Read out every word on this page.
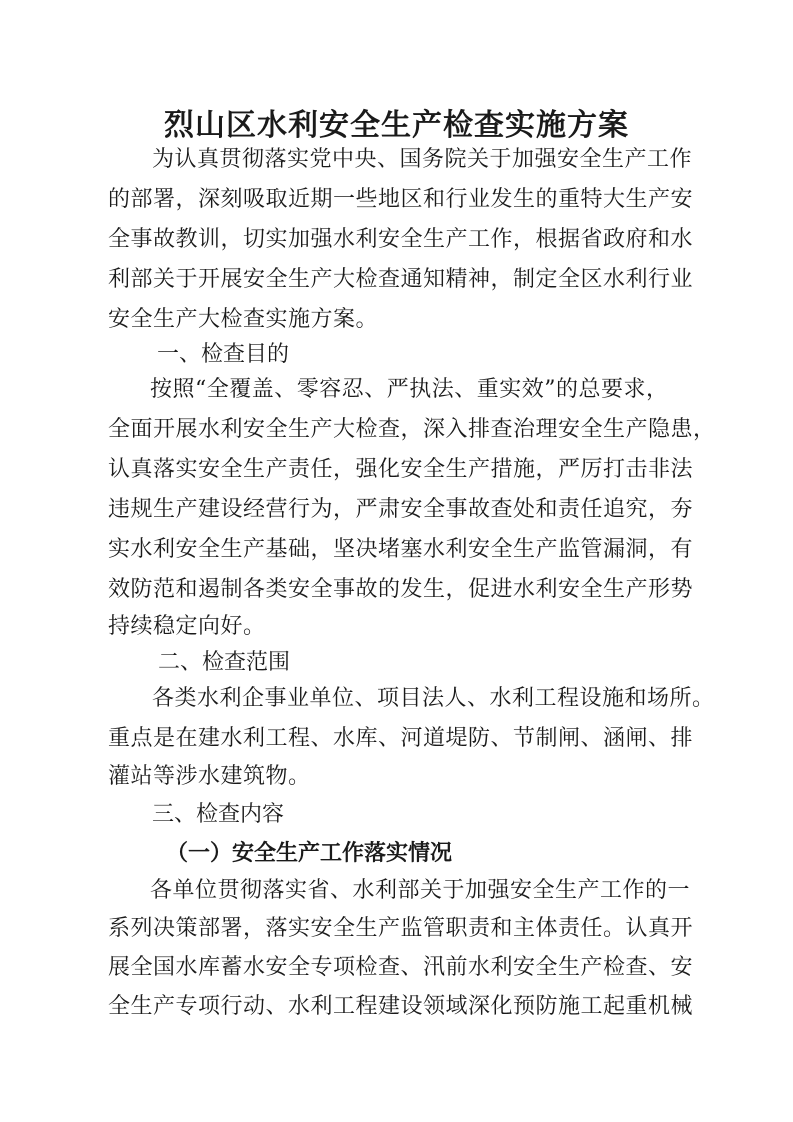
烈山区水利安全生产检查实施方案
为认真贯彻落实党中央、国务院关于加强安全生产工作
的部署，深刻吸取近期一些地区和行业发生的重特大生产安
全事故教训，切实加强水利安全生产工作，根据省政府和水
利部关于开展安全生产大检查通知精神，制定全区水利行业
安全生产大检查实施方案。
一、检查目的
按照“全覆盖、零容忍、严执法、重实效”的总要求，
全面开展水利安全生产大检查，深入排查治理安全生产隐患，
认真落实安全生产责任，强化安全生产措施，严厉打击非法
违规生产建设经营行为，严肃安全事故查处和责任追究，夯
实水利安全生产基础，坚决堵塞水利安全生产监管漏洞，有
效防范和遏制各类安全事故的发生，促进水利安全生产形势
持续稳定向好。
二、检查范围
各类水利企事业单位、项目法人、水利工程设施和场所。
重点是在建水利工程、水库、河道堤防、节制闸、涵闸、排
灌站等涉水建筑物。
三、检查内容
（一）安全生产工作落实情况
各单位贯彻落实省、水利部关于加强安全生产工作的一
系列决策部署，落实安全生产监管职责和主体责任。认真开
展全国水库蓄水安全专项检查、汛前水利安全生产检查、安
全生产专项行动、水利工程建设领域深化预防施工起重机械
